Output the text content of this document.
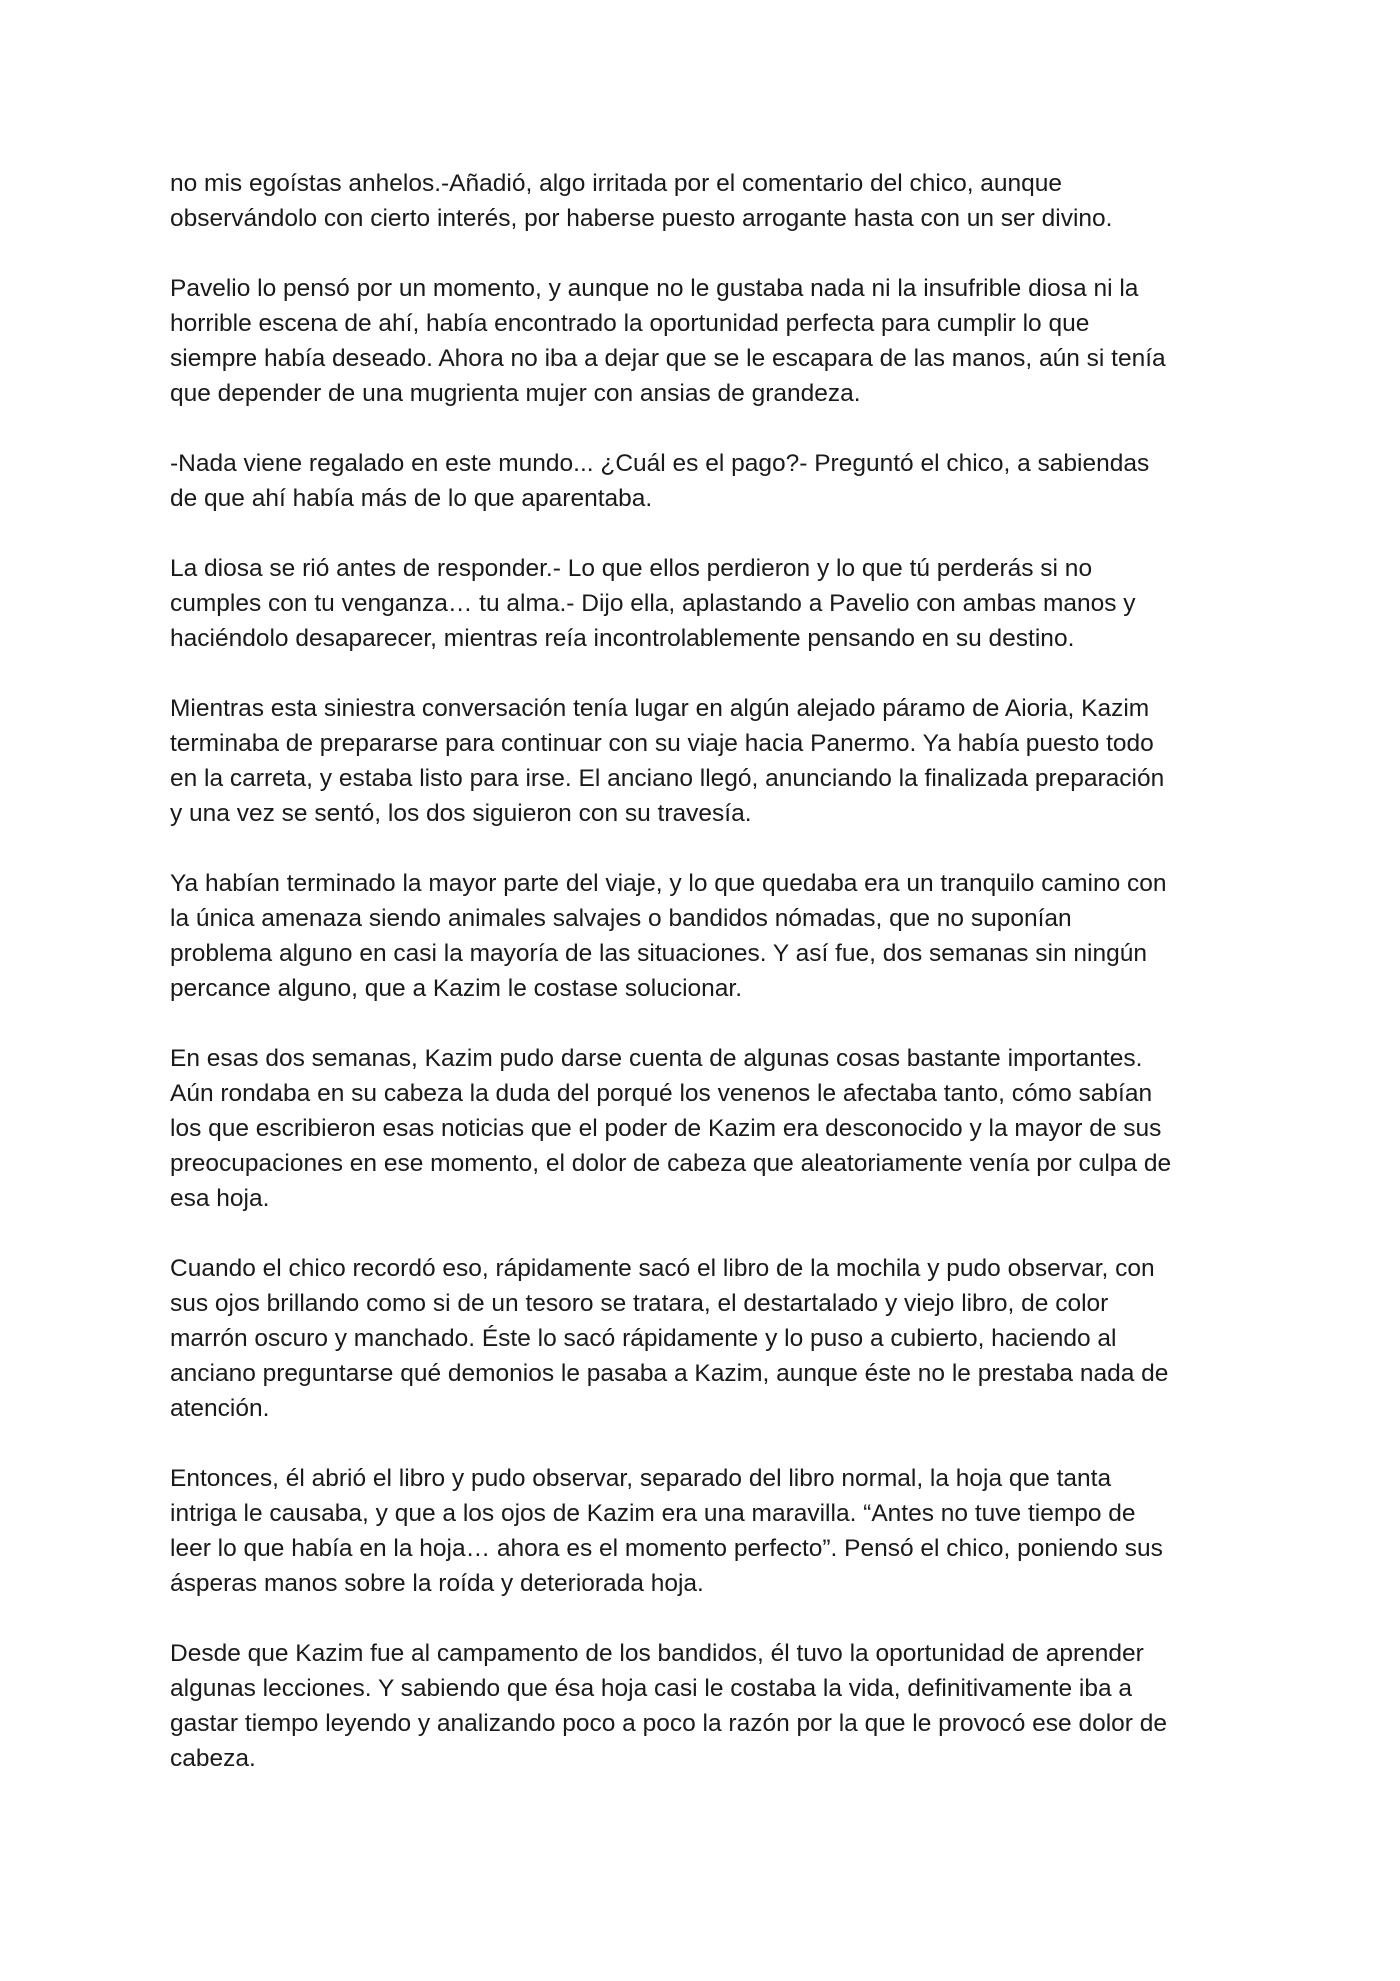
no mis egoístas anhelos.-Añadió, algo irritada por el comentario del chico, aunque
observándolo con cierto interés, por haberse puesto arrogante hasta con un ser divino.

Pavelio lo pensó por un momento, y aunque no le gustaba nada ni la insufrible diosa ni la
horrible escena de ahí, había encontrado la oportunidad perfecta para cumplir lo que
siempre había deseado. Ahora no iba a dejar que se le escapara de las manos, aún si tenía
que depender de una mugrienta mujer con ansias de grandeza.

-Nada viene regalado en este mundo... ¿Cuál es el pago?- Preguntó el chico, a sabiendas
de que ahí había más de lo que aparentaba.

La diosa se rió antes de responder.- Lo que ellos perdieron y lo que tú perderás si no
cumples con tu venganza… tu alma.- Dijo ella, aplastando a Pavelio con ambas manos y
haciéndolo desaparecer, mientras reía incontrolablemente pensando en su destino.

Mientras esta siniestra conversación tenía lugar en algún alejado páramo de Aioria, Kazim
terminaba de prepararse para continuar con su viaje hacia Panermo. Ya había puesto todo
en la carreta, y estaba listo para irse. El anciano llegó, anunciando la finalizada preparación
y una vez se sentó, los dos siguieron con su travesía.

Ya habían terminado la mayor parte del viaje, y lo que quedaba era un tranquilo camino con
la única amenaza siendo animales salvajes o bandidos nómadas, que no suponían
problema alguno en casi la mayoría de las situaciones. Y así fue, dos semanas sin ningún
percance alguno, que a Kazim le costase solucionar.

En esas dos semanas, Kazim pudo darse cuenta de algunas cosas bastante importantes.
Aún rondaba en su cabeza la duda del porqué los venenos le afectaba tanto, cómo sabían
los que escribieron esas noticias que el poder de Kazim era desconocido y la mayor de sus
preocupaciones en ese momento, el dolor de cabeza que aleatoriamente venía por culpa de
esa hoja.

Cuando el chico recordó eso, rápidamente sacó el libro de la mochila y pudo observar, con
sus ojos brillando como si de un tesoro se tratara, el destartalado y viejo libro, de color
marrón oscuro y manchado. Éste lo sacó rápidamente y lo puso a cubierto, haciendo al
anciano preguntarse qué demonios le pasaba a Kazim, aunque éste no le prestaba nada de
atención.

Entonces, él abrió el libro y pudo observar, separado del libro normal, la hoja que tanta
intriga le causaba, y que a los ojos de Kazim era una maravilla. “Antes no tuve tiempo de
leer lo que había en la hoja… ahora es el momento perfecto”. Pensó el chico, poniendo sus
ásperas manos sobre la roída y deteriorada hoja.

Desde que Kazim fue al campamento de los bandidos, él tuvo la oportunidad de aprender
algunas lecciones. Y sabiendo que ésa hoja casi le costaba la vida, definitivamente iba a
gastar tiempo leyendo y analizando poco a poco la razón por la que le provocó ese dolor de
cabeza.
